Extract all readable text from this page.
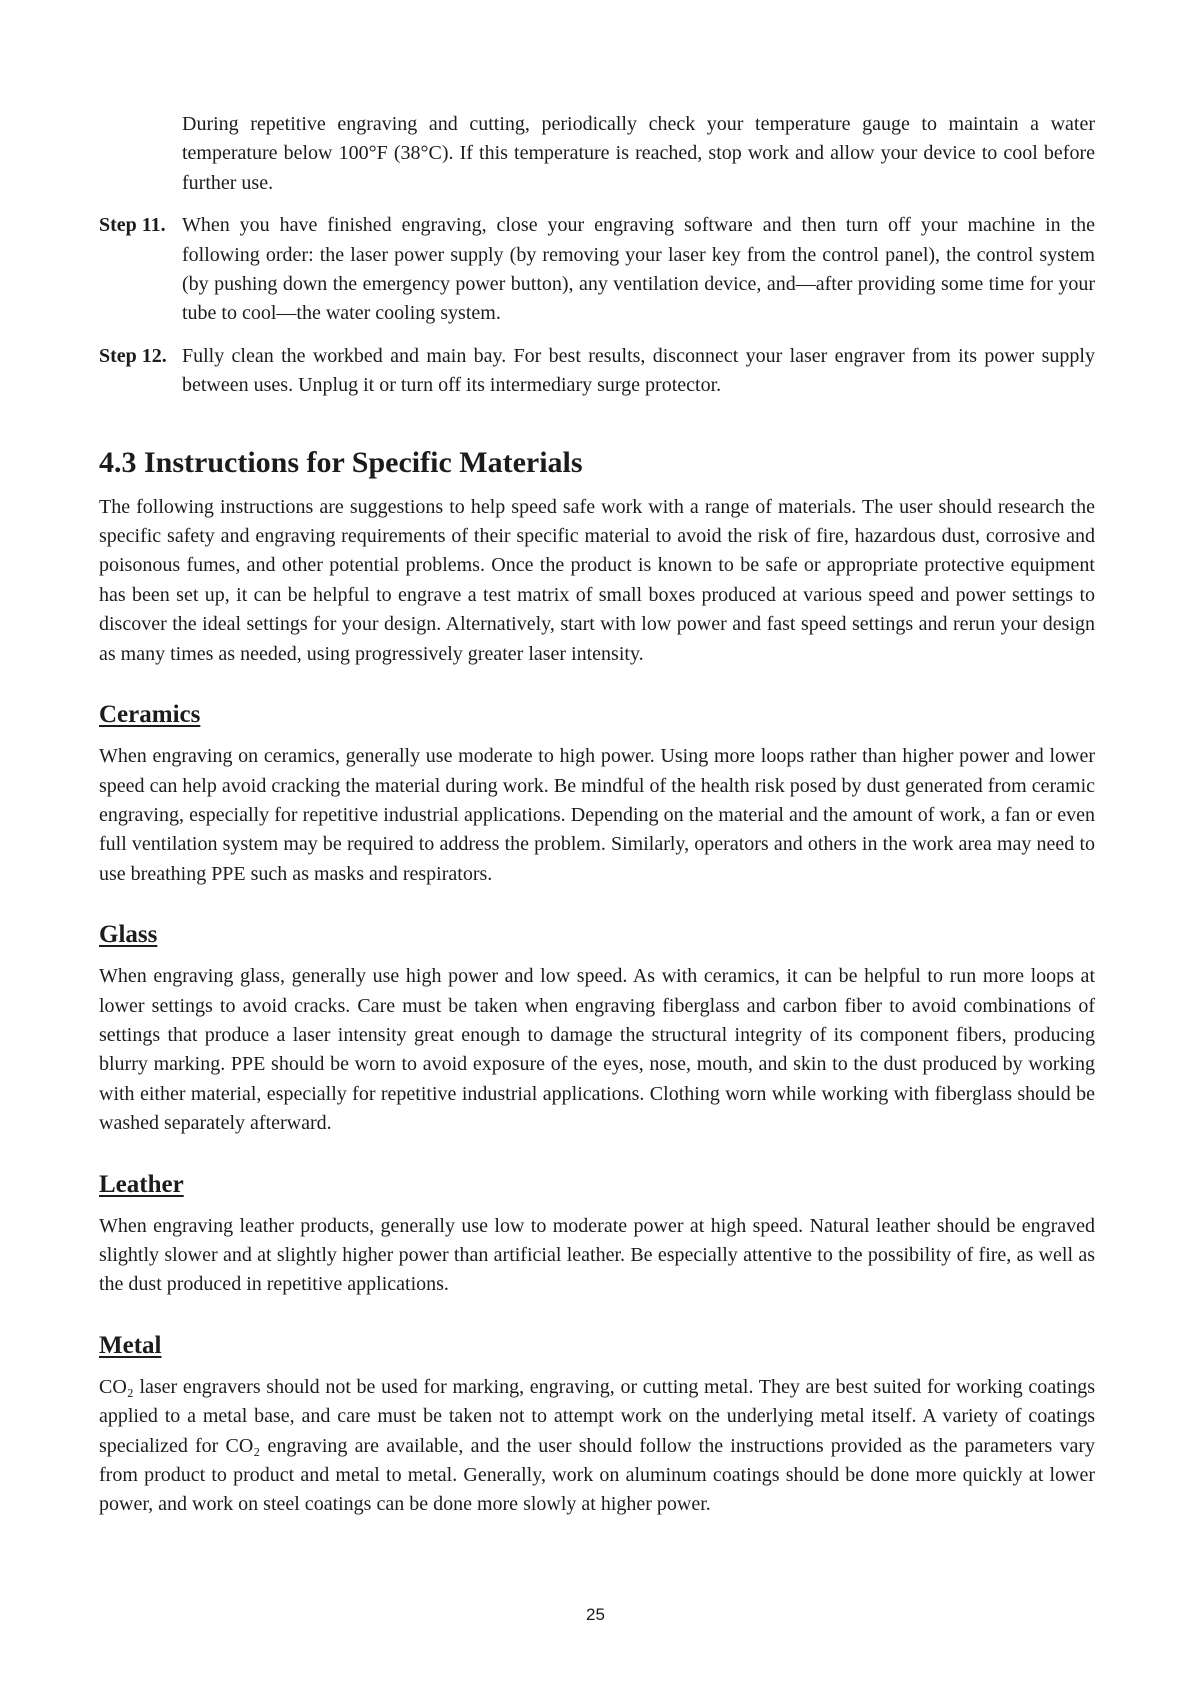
During repetitive engraving and cutting, periodically check your temperature gauge to maintain a water temperature below 100°F (38°C). If this temperature is reached, stop work and allow your device to cool before further use.

Step 11. When you have finished engraving, close your engraving software and then turn off your machine in the following order: the laser power supply (by removing your laser key from the control panel), the control system (by pushing down the emergency power button), any ventilation device, and—after providing some time for your tube to cool—the water cooling system.

Step 12. Fully clean the workbed and main bay. For best results, disconnect your laser engraver from its power supply between uses. Unplug it or turn off its intermediary surge protector.

4.3 Instructions for Specific Materials

The following instructions are suggestions to help speed safe work with a range of materials. The user should research the specific safety and engraving requirements of their specific material to avoid the risk of fire, hazardous dust, corrosive and poisonous fumes, and other potential problems. Once the product is known to be safe or appropriate protective equipment has been set up, it can be helpful to engrave a test matrix of small boxes produced at various speed and power settings to discover the ideal settings for your design. Alternatively, start with low power and fast speed settings and rerun your design as many times as needed, using progressively greater laser intensity.

Ceramics

When engraving on ceramics, generally use moderate to high power. Using more loops rather than higher power and lower speed can help avoid cracking the material during work. Be mindful of the health risk posed by dust generated from ceramic engraving, especially for repetitive industrial applications. Depending on the material and the amount of work, a fan or even full ventilation system may be required to address the problem. Similarly, operators and others in the work area may need to use breathing PPE such as masks and respirators.

Glass

When engraving glass, generally use high power and low speed. As with ceramics, it can be helpful to run more loops at lower settings to avoid cracks. Care must be taken when engraving fiberglass and carbon fiber to avoid combinations of settings that produce a laser intensity great enough to damage the structural integrity of its component fibers, producing blurry marking. PPE should be worn to avoid exposure of the eyes, nose, mouth, and skin to the dust produced by working with either material, especially for repetitive industrial applications. Clothing worn while working with fiberglass should be washed separately afterward.

Leather

When engraving leather products, generally use low to moderate power at high speed. Natural leather should be engraved slightly slower and at slightly higher power than artificial leather. Be especially attentive to the possibility of fire, as well as the dust produced in repetitive applications.

Metal

CO₂ laser engravers should not be used for marking, engraving, or cutting metal. They are best suited for working coatings applied to a metal base, and care must be taken not to attempt work on the underlying metal itself. A variety of coatings specialized for CO₂ engraving are available, and the user should follow the instructions provided as the parameters vary from product to product and metal to metal. Generally, work on aluminum coatings should be done more quickly at lower power, and work on steel coatings can be done more slowly at higher power.

25
